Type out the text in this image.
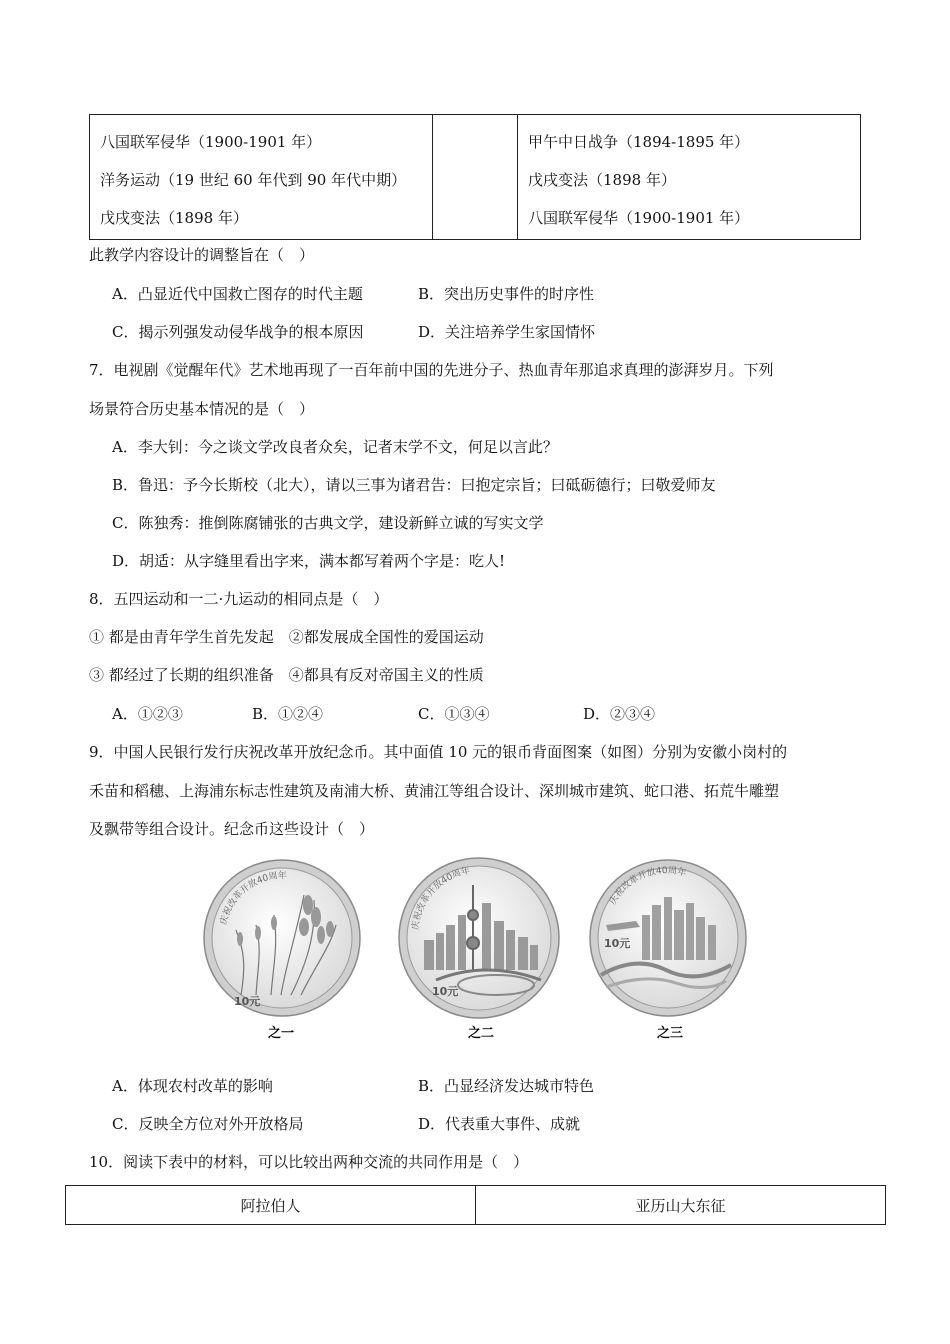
八国联军侵华（1900-1901 年）
洋务运动（19 世纪 60 年代到 90 年代中期）
戊戌变法（1898 年）

甲午中日战争（1894-1895 年）
戊戌变法（1898 年）
八国联军侵华（1900-1901 年）
此教学内容设计的调整旨在（　）
A．凸显近代中国救亡图存的时代主题	B．突出历史事件的时序性
C．揭示列强发动侵华战争的根本原因	D．关注培养学生家国情怀
7．电视剧《觉醒年代》艺术地再现了一百年前中国的先进分子、热血青年那追求真理的澎湃岁月。下列
场景符合历史基本情况的是（　）
A．李大钊：今之谈文学改良者众矣，记者末学不文，何足以言此？
B．鲁迅：予今长斯校（北大），请以三事为诸君告：曰抱定宗旨；曰砥砺德行；曰敬爱师友
C．陈独秀：推倒陈腐铺张的古典文学，建设新鲜立诚的写实文学
D．胡适：从字缝里看出字来，满本都写着两个字是：吃人!
8．五四运动和一二·九运动的相同点是（　）
① 都是由青年学生首先发起　②都发展成全国性的爱国运动
③ 都经过了长期的组织准备　④都具有反对帝国主义的性质
A．①②③	B．①②④	C．①③④	D．②③④
9．中国人民银行发行庆祝改革开放纪念币。其中面值 10 元的银币背面图案（如图）分别为安徽小岗村的
禾苗和稻穗、上海浦东标志性建筑及南浦大桥、黄浦江等组合设计、深圳城市建筑、蛇口港、拓荒牛雕塑
及飘带等组合设计。纪念币这些设计（　）
庆祝改革开放40周年
10元
之一
庆祝改革开放40周年
10元
之二
庆祝改革开放40周年
10元
之三
A．体现农村改革的影响	B．凸显经济发达城市特色
C．反映全方位对外开放格局	D．代表重大事件、成就
10．阅读下表中的材料，可以比较出两种交流的共同作用是（　）
阿拉伯人	亚历山大东征
